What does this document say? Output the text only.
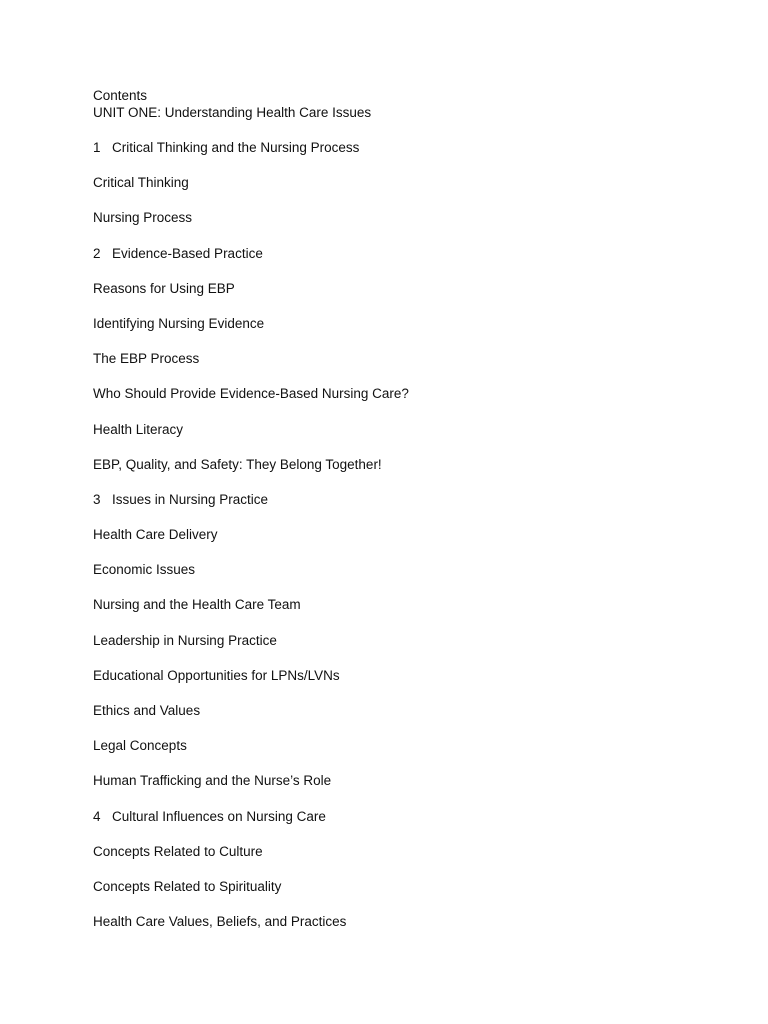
Contents
UNIT ONE: Understanding Health Care Issues
1 Critical Thinking and the Nursing Process
Critical Thinking
Nursing Process
2 Evidence-Based Practice
Reasons for Using EBP
Identifying Nursing Evidence
The EBP Process
Who Should Provide Evidence-Based Nursing Care?
Health Literacy
EBP, Quality, and Safety: They Belong Together!
3 Issues in Nursing Practice
Health Care Delivery
Economic Issues
Nursing and the Health Care Team
Leadership in Nursing Practice
Educational Opportunities for LPNs/LVNs
Ethics and Values
Legal Concepts
Human Trafficking and the Nurse’s Role
4 Cultural Influences on Nursing Care
Concepts Related to Culture
Concepts Related to Spirituality
Health Care Values, Beliefs, and Practices
